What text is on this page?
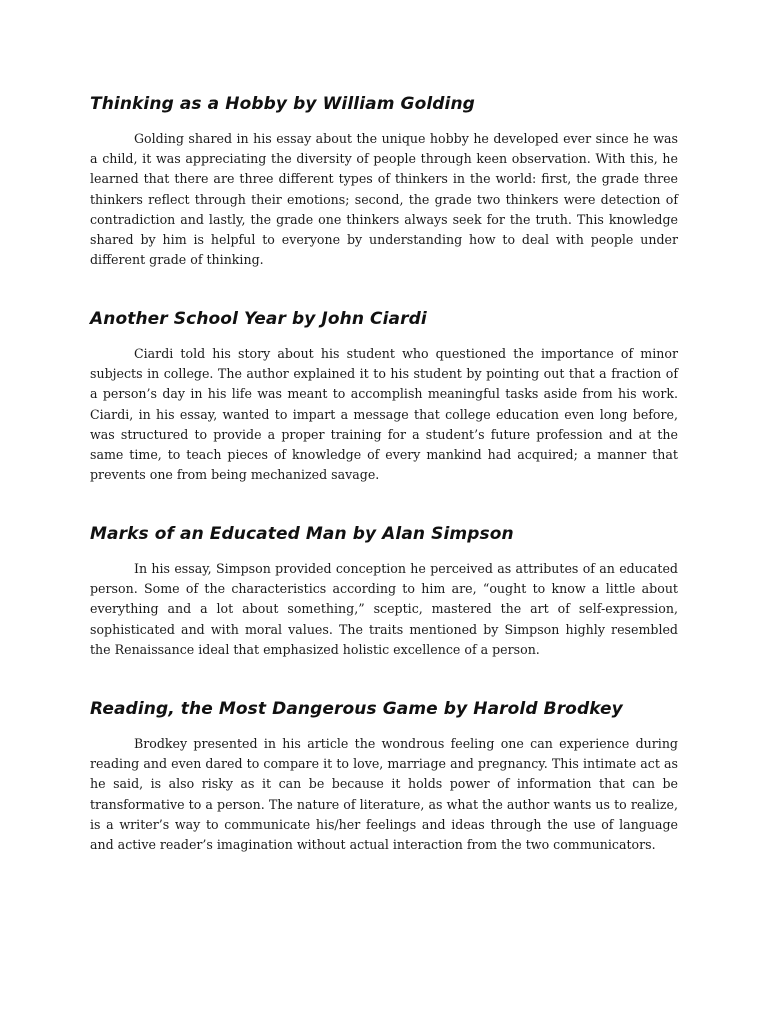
Thinking as a Hobby by William Golding

Golding shared in his essay about the unique hobby he developed ever since he was a child, it was appreciating the diversity of people through keen observation. With this, he learned that there are three different types of thinkers in the world: first, the grade three thinkers reflect through their emotions; second, the grade two thinkers were detection of contradiction and lastly, the grade one thinkers always seek for the truth. This knowledge shared by him is helpful to everyone by understanding how to deal with people under different grade of thinking.

Another School Year by John Ciardi

Ciardi told his story about his student who questioned the importance of minor subjects in college. The author explained it to his student by pointing out that a fraction of a person’s day in his life was meant to accomplish meaningful tasks aside from his work. Ciardi, in his essay, wanted to impart a message that college education even long before, was structured to provide a proper training for a student’s future profession and at the same time, to teach pieces of knowledge of every mankind had acquired; a manner that prevents one from being mechanized savage.

Marks of an Educated Man by Alan Simpson

In his essay, Simpson provided conception he perceived as attributes of an educated person. Some of the characteristics according to him are, “ought to know a little about everything and a lot about something,” sceptic, mastered the art of self-expression, sophisticated and with moral values. The traits mentioned by Simpson highly resembled the Renaissance ideal that emphasized holistic excellence of a person.

Reading, the Most Dangerous Game by Harold Brodkey

Brodkey presented in his article the wondrous feeling one can experience during reading and even dared to compare it to love, marriage and pregnancy. This intimate act as he said, is also risky as it can be because it holds power of information that can be transformative to a person. The nature of literature, as what the author wants us to realize, is a writer’s way to communicate his/her feelings and ideas through the use of language and active reader’s imagination without actual interaction from the two communicators.
